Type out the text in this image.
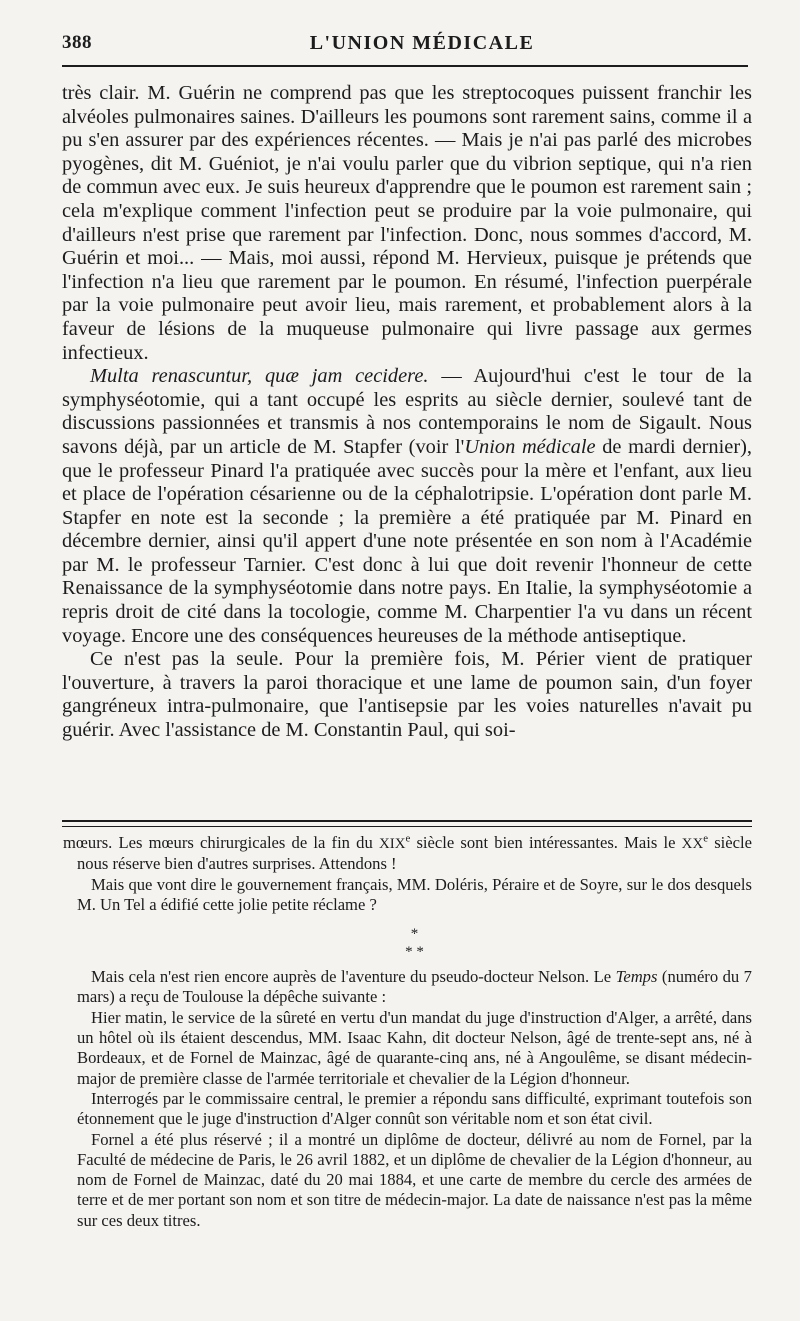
388	L'UNION MÉDICALE

très clair. M. Guérin ne comprend pas que les streptocoques puissent franchir les alvéoles pulmonaires saines. D'ailleurs les poumons sont rarement sains, comme il a pu s'en assurer par des expériences récentes. — Mais je n'ai pas parlé des microbes pyogènes, dit M. Guéniot, je n'ai voulu parler que du vibrion septique, qui n'a rien de commun avec eux. Je suis heureux d'apprendre que le poumon est rarement sain ; cela m'explique comment l'infection peut se produire par la voie pulmonaire, qui d'ailleurs n'est prise que rarement par l'infection. Donc, nous sommes d'accord, M. Guérin et moi... — Mais, moi aussi, répond M. Hervieux, puisque je prétends que l'infection n'a lieu que rarement par le poumon. En résumé, l'infection puerpérale par la voie pulmonaire peut avoir lieu, mais rarement, et probablement alors à la faveur de lésions de la muqueuse pulmonaire qui livre passage aux germes infectieux.

Multa renascuntur, quæ jam cecidere. — Aujourd'hui c'est le tour de la symphyséotomie, qui a tant occupé les esprits au siècle dernier, soulevé tant de discussions passionnées et transmis à nos contemporains le nom de Sigault. Nous savons déjà, par un article de M. Stapfer (voir l'Union médicale de mardi dernier), que le professeur Pinard l'a pratiquée avec succès pour la mère et l'enfant, aux lieu et place de l'opération césarienne ou de la céphalotripsie. L'opération dont parle M. Stapfer en note est la seconde ; la première a été pratiquée par M. Pinard en décembre dernier, ainsi qu'il appert d'une note présentée en son nom à l'Académie par M. le professeur Tarnier. C'est donc à lui que doit revenir l'honneur de cette Renaissance de la symphyséotomie dans notre pays. En Italie, la symphyséotomie a repris droit de cité dans la tocologie, comme M. Charpentier l'a vu dans un récent voyage. Encore une des conséquences heureuses de la méthode antiseptique.

Ce n'est pas la seule. Pour la première fois, M. Périer vient de pratiquer l'ouverture, à travers la paroi thoracique et une lame de poumon sain, d'un foyer gangréneux intra-pulmonaire, que l'antisepsie par les voies naturelles n'avait pu guérir. Avec l'assistance de M. Constantin Paul, qui soi-

mœurs. Les mœurs chirurgicales de la fin du XIXe siècle sont bien intéressantes. Mais le XXe siècle nous réserve bien d'autres surprises. Attendons !

Mais que vont dire le gouvernement français, MM. Doléris, Péraire et de Soyre, sur le dos desquels M. Un Tel a édifié cette jolie petite réclame ?

*
* *

Mais cela n'est rien encore auprès de l'aventure du pseudo-docteur Nelson. Le Temps (numéro du 7 mars) a reçu de Toulouse la dépêche suivante :

Hier matin, le service de la sûreté en vertu d'un mandat du juge d'instruction d'Alger, a arrêté, dans un hôtel où ils étaient descendus, MM. Isaac Kahn, dit docteur Nelson, âgé de trente-sept ans, né à Bordeaux, et de Fornel de Mainzac, âgé de quarante-cinq ans, né à Angoulême, se disant médecin-major de première classe de l'armée territoriale et chevalier de la Légion d'honneur.

Interrogés par le commissaire central, le premier a répondu sans difficulté, exprimant toutefois son étonnement que le juge d'instruction d'Alger connût son véritable nom et son état civil.

Fornel a été plus réservé ; il a montré un diplôme de docteur, délivré au nom de Fornel, par la Faculté de médecine de Paris, le 26 avril 1882, et un diplôme de chevalier de la Légion d'honneur, au nom de Fornel de Mainzac, daté du 20 mai 1884, et une carte de membre du cercle des armées de terre et de mer portant son nom et son titre de médecin-major. La date de naissance n'est pas la même sur ces deux titres.
